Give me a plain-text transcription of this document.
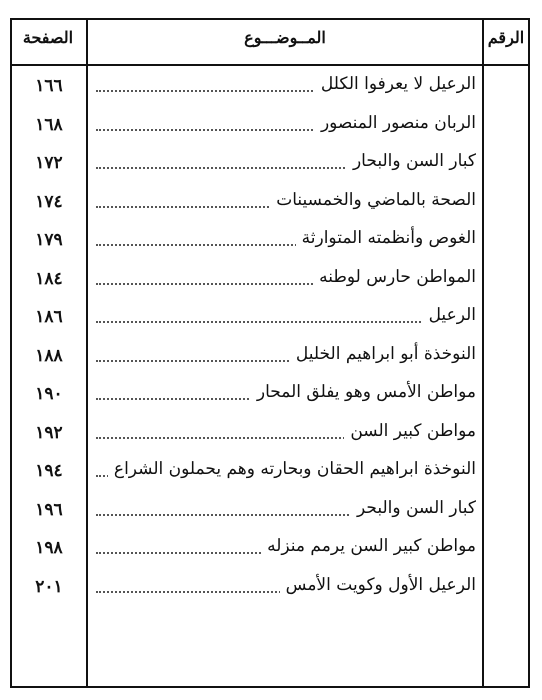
الصفحة	المــوضـــوع	الرقم
الرعيل لا يعرفوا الكلل
١٦٦
الربان منصور المنصور
١٦٨
كبار السن والبحار
١٧٢
الصحة بالماضي والخمسينات
١٧٤
الغوص وأنظمته المتوارثة
١٧٩
المواطن حارس لوطنه
١٨٤
الرعيل
١٨٦
النوخذة أبو ابراهيم الخليل
١٨٨
مواطن الأمس وهو يفلق المحار
١٩٠
مواطن كبير السن
١٩٢
النوخذة ابراهيم الحقان وبحارته وهم يحملون الشراع
١٩٤
كبار السن والبحر
١٩٦
مواطن كبير السن يرمم منزله
١٩٨
الرعيل الأول وكويت الأمس
٢٠١
